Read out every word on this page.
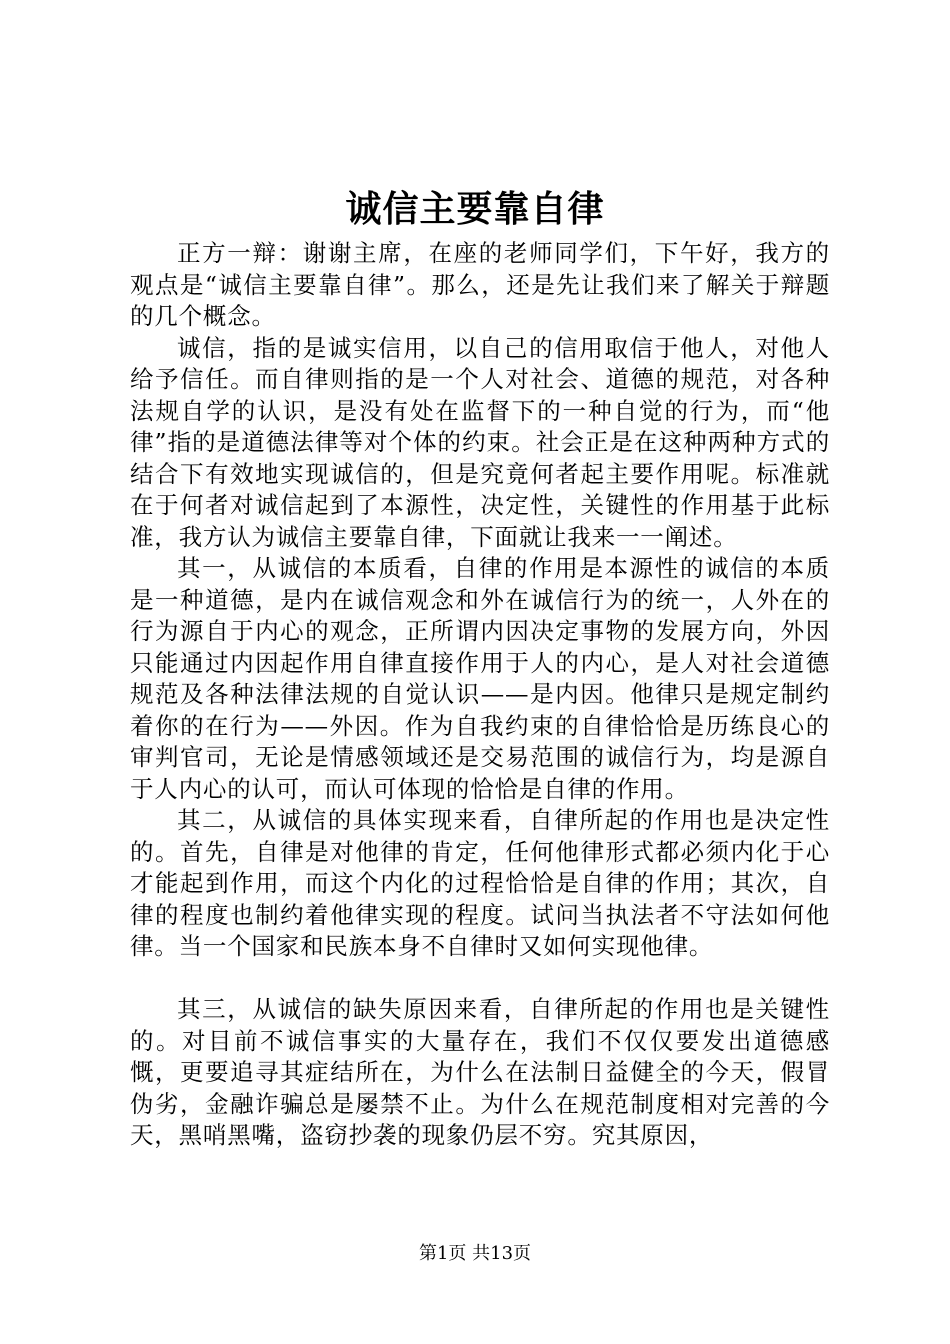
诚信主要靠自律

正方一辩：谢谢主席，在座的老师同学们，下午好，我方的观点是“诚信主要靠自律”。那么，还是先让我们来了解关于辩题的几个概念。

诚信，指的是诚实信用，以自己的信用取信于他人，对他人给予信任。而自律则指的是一个人对社会、道德的规范，对各种法规自学的认识，是没有处在监督下的一种自觉的行为，而“他律”指的是道德法律等对个体的约束。社会正是在这种两种方式的结合下有效地实现诚信的，但是究竟何者起主要作用呢。标准就在于何者对诚信起到了本源性，决定性，关键性的作用基于此标准，我方认为诚信主要靠自律，下面就让我来一一阐述。

其一，从诚信的本质看，自律的作用是本源性的诚信的本质是一种道德，是内在诚信观念和外在诚信行为的统一，人外在的行为源自于内心的观念，正所谓内因决定事物的发展方向，外因只能通过内因起作用自律直接作用于人的内心，是人对社会道德规范及各种法律法规的自觉认识——是内因。他律只是规定制约着你的在行为——外因。作为自我约束的自律恰恰是历练良心的审判官司，无论是情感领域还是交易范围的诚信行为，均是源自于人内心的认可，而认可体现的恰恰是自律的作用。

其二，从诚信的具体实现来看，自律所起的作用也是决定性的。首先，自律是对他律的肯定，任何他律形式都必须内化于心才能起到作用，而这个内化的过程恰恰是自律的作用；其次，自律的程度也制约着他律实现的程度。试问当执法者不守法如何他律。当一个国家和民族本身不自律时又如何实现他律。

其三，从诚信的缺失原因来看，自律所起的作用也是关键性的。对目前不诚信事实的大量存在，我们不仅仅要发出道德感慨，更要追寻其症结所在，为什么在法制日益健全的今天，假冒伪劣，金融诈骗总是屡禁不止。为什么在规范制度相对完善的今天，黑哨黑嘴，盗窃抄袭的现象仍层不穷。究其原因，

第1页 共13页
